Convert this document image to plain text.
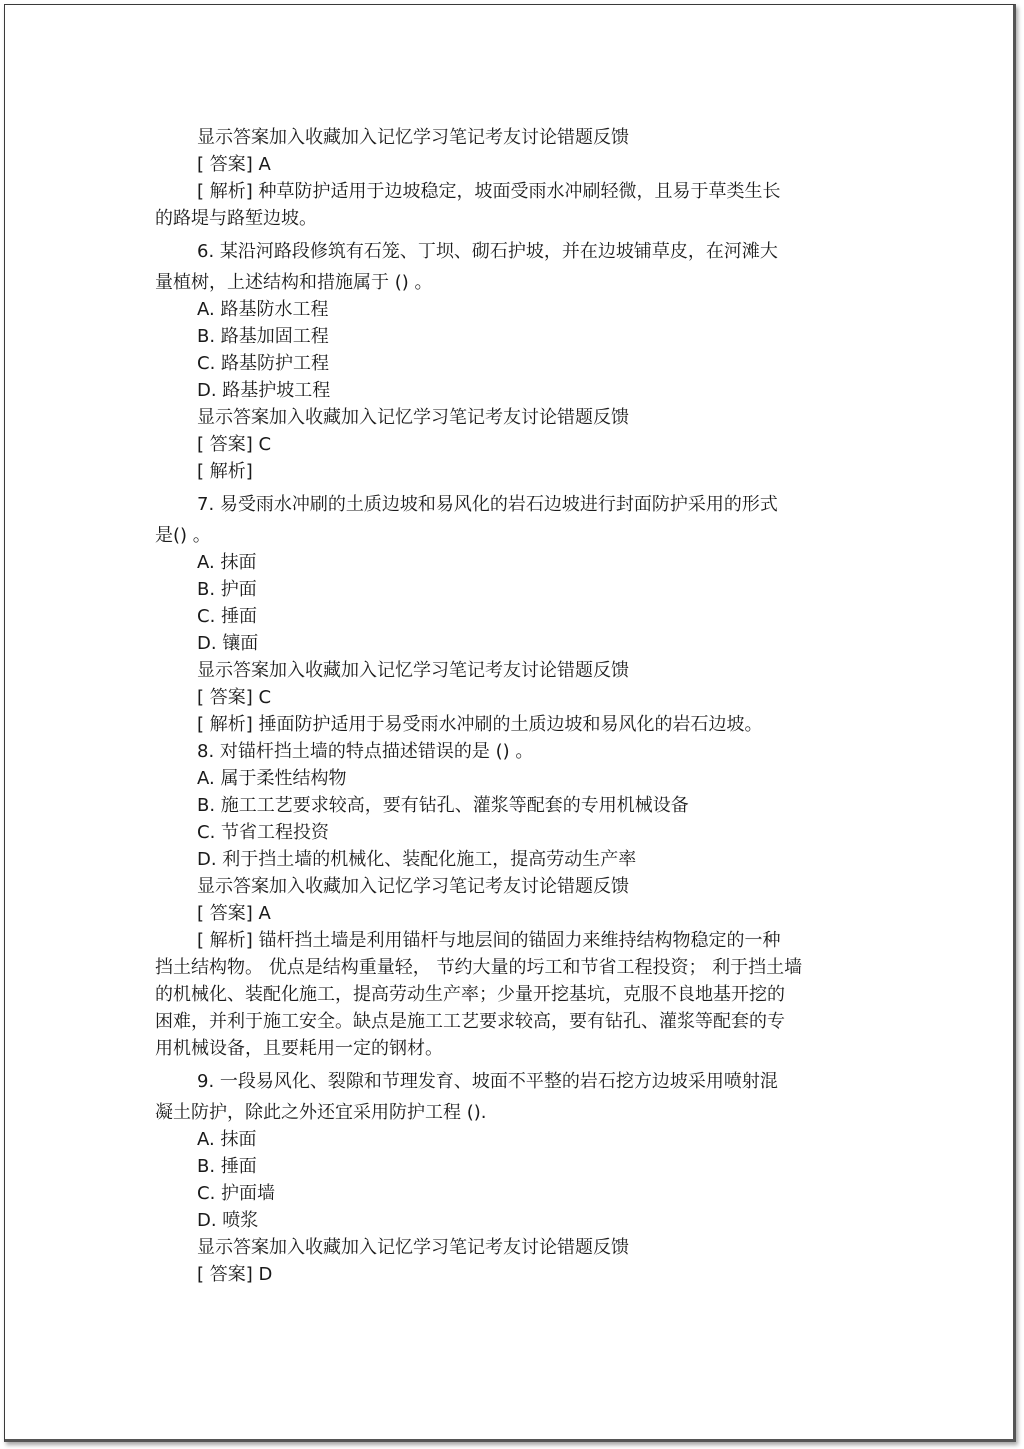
显示答案加入收藏加入记忆学习笔记考友讨论错题反馈
[ 答案] A
[ 解析] 种草防护适用于边坡稳定，坡面受雨水冲刷轻微，且易于草类生长
的路堤与路堑边坡。
6. 某沿河路段修筑有石笼、丁坝、砌石护坡，并在边坡铺草皮，在河滩大
量植树，上述结构和措施属于 () 。
A. 路基防水工程
B. 路基加固工程
C. 路基防护工程
D. 路基护坡工程
显示答案加入收藏加入记忆学习笔记考友讨论错题反馈
[ 答案] C
[ 解析]
7. 易受雨水冲刷的土质边坡和易风化的岩石边坡进行封面防护采用的形式
是() 。
A. 抹面
B. 护面
C. 捶面
D. 镶面
显示答案加入收藏加入记忆学习笔记考友讨论错题反馈
[ 答案] C
[ 解析] 捶面防护适用于易受雨水冲刷的土质边坡和易风化的岩石边坡。
8. 对锚杆挡土墙的特点描述错误的是 () 。
A. 属于柔性结构物
B. 施工工艺要求较高，要有钻孔、灌浆等配套的专用机械设备
C. 节省工程投资
D. 利于挡土墙的机械化、装配化施工，提高劳动生产率
显示答案加入收藏加入记忆学习笔记考友讨论错题反馈
[ 答案] A
[ 解析] 锚杆挡土墙是利用锚杆与地层间的锚固力来维持结构物稳定的一种
挡土结构物。 优点是结构重量轻， 节约大量的圬工和节省工程投资； 利于挡土墙
的机械化、装配化施工，提高劳动生产率；少量开挖基坑，克服不良地基开挖的
困难，并利于施工安全。缺点是施工工艺要求较高，要有钻孔、灌浆等配套的专
用机械设备，且要耗用一定的钢材。
9. 一段易风化、裂隙和节理发育、坡面不平整的岩石挖方边坡采用喷射混
凝土防护，除此之外还宜采用防护工程 ().
A. 抹面
B. 捶面
C. 护面墙
D. 喷浆
显示答案加入收藏加入记忆学习笔记考友讨论错题反馈
[ 答案] D
